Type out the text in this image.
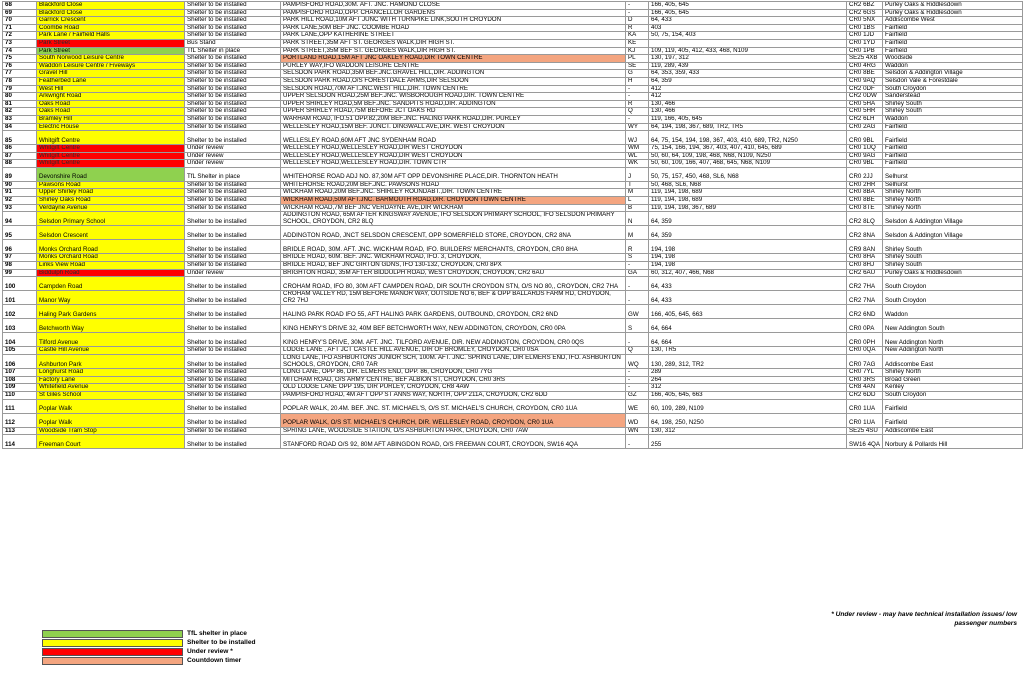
68	Blackford Close	Shelter to be installed	PAMPISFORD ROAD,30M. AFT. JNC. HAMOND CLOSE	-	166, 405, 645	CR2 6BZ	Purley Oaks & Riddlesdown
69	Blackford Close	Shelter to be installed	PAMPISFORD ROAD,OPP. CHANCELLOR GARDENS	-	166, 405, 645	CR2 6GS	Purley Oaks & Riddlesdown
70	Garrick Crescent	Shelter to be installed	PARK HILL ROAD,10M AFT JUNC WITH TURNPIKE LINK,SOUTH CROYDON	D	64, 433	CR0 5NX	Addiscombe West
71	Coombe Road	Shelter to be installed	PARK LANE,50M BEF JNC. COOMBE ROAD	R	403	CR0 1BS	Fairfield
72	Park Lane / Fairfield Halls	Shelter to be installed	PARK LANE,OPP KATHERINE STREET	KA	50, 75, 154, 403	CR0 1JD	Fairfield
73	Park Street	Bus Stand	PARK STREET,35M AFT ST. GEORGES WALK,DIR HIGH ST.	KE		CR0 1YD	Fairfield
74	Park Street	TfL Shelter in place	PARK STREET,35M BEF ST. GEORGES WALK,DIR HIGH ST.	KJ	109, 119, 405, 412, 433, 468, N109	CR0 1PB	Fairfield
75	South Norwood Leisure Centre	Shelter to be installed	PORTLAND ROAD,15M AFT JNC OAKLEY ROAD,DIR TOWN CENTRE	PL	130, 197, 312	SE25 4XB	Woodside
76	Waddon Leisure Centre / Fiveways	Shelter to be installed	PURLEY WAY,IFO WADDON LEISURE CENTRE	SE	119, 289, 439	CR0 4RG	Waddon
77	Gravel Hill	Shelter to be installed	SELSDON PARK ROAD,35M BEF.JNC.GRAVEL HILL,DIR. ADDINGTON	G	64, 353, 359, 433	CR0 8BE	Selsdon & Addington Village
78	Featherbed Lane	Shelter to be installed	SELSDON PARK ROAD,O/S FORESTDALE ARMS,DIR SELSDON	H	64, 359	CR0 9AQ	Selsdon Vale & Forestdale
79	West Hill	Shelter to be installed	SELSDON ROAD,70M AFT.JNC.WEST HILL,DIR. TOWN CENTRE	-	412	CR2 0DF	South Croydon
80	Arkwright Road	Shelter to be installed	UPPER SELSDON ROAD,25M BEF.JNC. WISBOROUGH ROAD,DIR. TOWN CENTRE	-	412	CR2 0DW	Sanderstead
81	Oaks Road	Shelter to be installed	UPPER SHIRLEY ROAD,5M BEF.JNC. SANDPITS ROAD,DIR. ADDINGTON	R	130, 466	CR0 5HA	Shirley South
82	Oaks Road	Shelter to be installed	UPPER SHIRLEY ROAD,75M BEFORE JCT OAKS RD	Q	130, 466	CR0 5HR	Shirley South
83	Bramley Hill	Shelter to be installed	WARHAM ROAD, IFO.51 OPP.82,20M BEF.JNC. HALING PARK ROAD,DIR. PURLEY	-	119, 166, 405, 645	CR2 6LH	Waddon
84	Electric House	Shelter to be installed	WELLESLEY ROAD,15M BEF. JUNCT. DINGWALL AVE,DIR. WEST CROYDON	WY	64, 194, 198, 367, 689, TR2, TR5	CR0 2AG	Fairfield
85	Whitgift Centre	Shelter to be installed	WELLESLEY ROAD,60M AFT JNC SYDENHAM ROAD	WJ	64, 75, 154, 194, 198, 367, 403, 410, 689, TR2, N250	CR0 9BL	Fairfield
86	Whitgift Centre	Under review	WELLESLEY ROAD,WELLESLEY ROAD,DIR WEST CROYDON	WM	75, 154, 166, 194, 367, 403, 407, 410, 645, 689	CR0 1UQ	Fairfield
87	Whitgift Centre	Under review	WELLESLEY ROAD,WELLESLEY ROAD,DIR WEST CROYDON	WL	50, 60, 64, 109, 198, 468, N68, N109, N250	CR0 9AG	Fairfield
88	Whitgift Centre	Under review	WELLESLEY ROAD,WELLESLEY ROAD,DIR. TOWN CTR	WK	50, 60, 109, 166, 407, 468, 645, N68, N109	CR0 9BL	Fairfield
89	Devonshire Road	TfL Shelter in place	WHITEHORSE ROAD ADJ NO. 87,30M AFT OPP DEVONSHIRE PLACE,DIR. THORNTON HEATH	J	50, 75, 157, 450, 468, SL6, N68	CR0 2JJ	Selhurst
90	Pawsons Road	Shelter to be installed	WHITEHORSE ROAD,20M BEF.JNC. PAWSONS ROAD	T	50, 468, SL6, N68	CR0 2HR	Selhurst
91	Upper Shirley Road	Shelter to be installed	WICKHAM ROAD,20M BEF.JNC. SHIRLEY ROUNDABT.,DIR. TOWN CENTRE	M	119, 194, 198, 689	CR0 8BA	Shirley North
92	Shirley Oaks Road	Shelter to be installed	WICKHAM ROAD,50M AFT.JNC. BARMOUTH ROAD,DIR. CROYDON TOWN CENTRE	L	119, 194, 198, 689	CR0 8BE	Shirley North
93	Verdayne Avenue	Shelter to be installed	WICKHAM ROAD,7M BEF JNC VERDAYNE AVE,DIR WICKHAM	B	119, 194, 198, 367, 689	CR0 8TE	Shirley North
94	Selsdon Primary School	Shelter to be installed	ADDINGTON ROAD, 65M AFTER KINGSWAY AVENUE, IFO SELSDON PRIMARY SCHOOL, IFO SELSDON PRIMARY SCHOOL, CROYDON, CR2 8LQ	N	64, 359	CR2 8LQ	Selsdon & Addington Village
95	Selsdon Crescent	Shelter to be installed	ADDINGTON ROAD, JNCT SELSDON CRESCENT, OPP SOMERFIELD STORE, CROYDON, CR2 8NA	M	64, 359	CR2 8NA	Selsdon & Addington Village
96	Monks Orchard Road	Shelter to be installed	BRIDLE ROAD, 30M. AFT. JNC. WICKHAM ROAD, IFO. BUILDERS' MERCHANTS, CROYDON, CR0 8HA	R	194, 198	CR9 8AN	Shirley South
97	Monks Orchard Road	Shelter to be installed	BRIDLE ROAD, 60M. BEF. JNC. WICKHAM ROAD, IFO. 3, CROYDON,	S	194, 198	CR0 8HA	Shirley South
98	Links View Road	Shelter to be installed	BRIDLE ROAD, BEF JNC GIRTON GDNS, IFO 130-132, CROYDON, CR0 8PX	-	194, 198	CR0 8HJ	Shirley South
99	Biddulph Road	Under review	BRIGHTON ROAD, 35M AFTER BIDDULPH ROAD, WEST CROYDON, CROYDON, CR2 6AU	GA	60, 312, 407, 466, N68	CR2 6AU	Purley Oaks & Riddlesdown
100	Campden Road	Shelter to be installed	CROHAM ROAD, IFO 80, 30M AFT CAMPDEN ROAD, DIR SOUTH CROYDON STN, O/S NO 80,, CROYDON, CR2 7HA	-	64, 433	CR2 7HA	South Croydon
101	Manor Way	Shelter to be installed	CROHAM VALLEY RD, 15M BEFORE MANOR WAY, OUTSIDE NO 6, BEF & OPP BALLARDS FARM RD, CROYDON, CR2 7HJ	-	64, 433	CR2 7NA	South Croydon
102	Haling Park Gardens	Shelter to be installed	HALING PARK ROAD IFO 55, AFT HALING PARK GARDENS, OUTBOUND, CROYDON, CR2 6ND	GW	166, 405, 645, 663	CR2 6ND	Waddon
103	Betchworth Way	Shelter to be installed	KING HENRY'S DRIVE 32, 40M BEF BETCHWORTH WAY, NEW ADDINGTON, CROYDON, CR0 0PA	S	64, 664	CR0 0PA	New Addington South
104	Tilford Avenue	Shelter to be installed	KING HENRY'S DRIVE, 30M. AFT. JNC. TILFORD AVENUE, DIR. NEW ADDINGTON, CROYDON, CR0 0QS	-	64, 664	CR0 0PH	New Addington North
105	Castle Hill Avenue	Shelter to be installed	LODGE LANE , AFT JCT CASTLE HILL AVENUE, DIR OF BROMLEY, CROYDON, CR0 0SA	Q	130, TR5	CR0 0QA	New Addington North
106	Ashburton Park	Shelter to be installed	LONG LANE, IFO ASHBURTONS JUNIOR SCH, 100M. AFT. JNC. SPRING LANE, DIR ELMERS END, IFO. ASHBURTON SCHOOLS, CROYDON, CR0 7AR	WQ	130, 289, 312, TR2	CR0 7AG	Addiscombe East
107	Longhurst Road	Shelter to be installed	LONG LANE, OPP 86, DIR. ELMERS END, OPP. 86, CROYDON, CR0 7YG	-	289	CR0 7YL	Shirley North
108	Factory Lane	Shelter to be installed	MITCHAM ROAD, O/S ARMY CENTRE, BEF ALBION ST, CROYDON, CR0 3RS	-	264	CR0 3RS	Broad Green
109	Whitefield Avenue	Shelter to be installed	OLD LODGE LANE OPP 195, DIR PURLEY, CROYDON, CR8 4AW	-	312	CR8 4AN	Kenley
110	St Giles School	Shelter to be installed	PAMPISFORD ROAD, 4M AFT OPP ST ANNS WAY, NORTH, OPP 211A, CROYDON, CR2 6DD	GZ	166, 405, 645, 663	CR2 6DD	South Croydon
111	Poplar Walk	Shelter to be installed	POPLAR WALK, 20.4M. BEF. JNC. ST. MICHAEL'S, O/S ST. MICHAEL'S CHURCH, CROYDON, CR0 1UA	WE	60, 109, 289, N109	CR0 1UA	Fairfield
112	Poplar Walk	Shelter to be installed	POPLAR WALK, O/S ST. MICHAEL'S CHURCH, DIR. WELLESLEY ROAD, CROYDON, CR0 1UA	WD	64, 198, 250, N250	CR0 1UA	Fairfield
113	Woodside Tram Stop	Shelter to be installed	SPRING LANE, WOODSIDE STATION, O/S ASHBURTON PARK, CROYDON, CR0 7AW	WN	130, 312	SE25 4SU	Addiscombe East
114	Freeman Court	Shelter to be installed	STANFORD ROAD O/S 92, 80M AFT ABINGDON ROAD, O/S FREEMAN COURT, CROYDON, SW16 4QA	-	255	SW16 4QA	Norbury & Pollards Hill
* Under review - may have technical installation issues/ low passenger numbers
TfL shelter in place
Shelter to be installed
Under review *
Countdown timer
